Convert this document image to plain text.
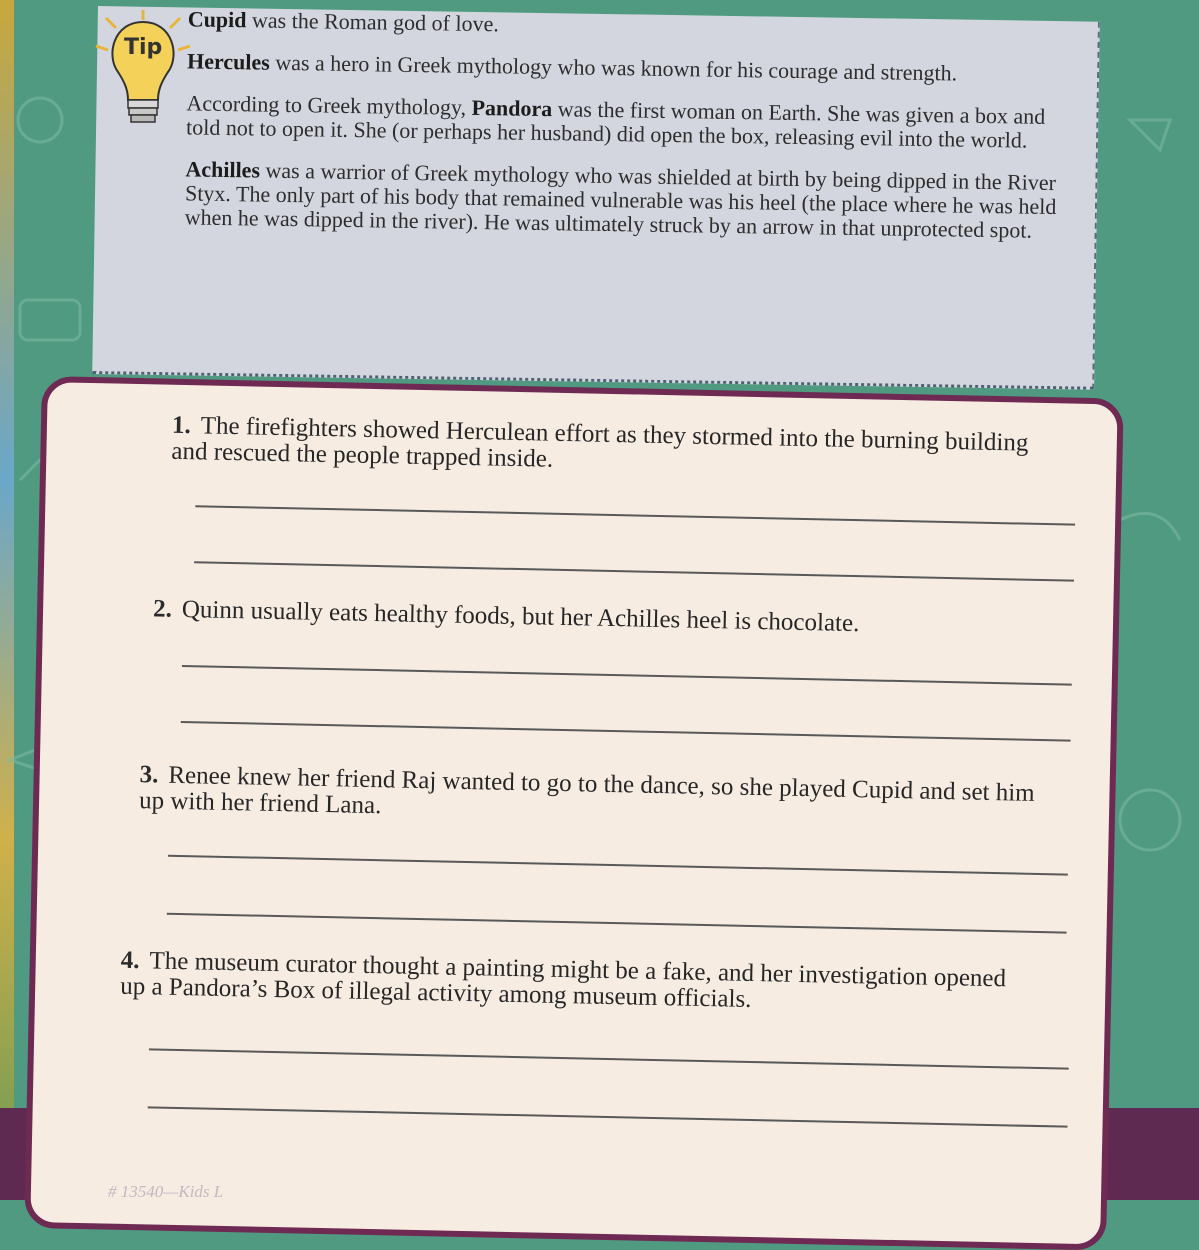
Cupid was the Roman god of love.

Hercules was a hero in Greek mythology who was known for his courage and strength.

According to Greek mythology, Pandora was the first woman on Earth. She was given a box and told not to open it. She (or perhaps her husband) did open the box, releasing evil into the world.

Achilles was a warrior of Greek mythology who was shielded at birth by being dipped in the River Styx. The only part of his body that remained vulnerable was his heel (the place where he was held when he was dipped in the river). He was ultimately struck by an arrow in that unprotected spot.

Tip
1. The firefighters showed Herculean effort as they stormed into the burning building and rescued the people trapped inside.
2. Quinn usually eats healthy foods, but her Achilles heel is chocolate.
3. Renee knew her friend Raj wanted to go to the dance, so she played Cupid and set him up with her friend Lana.
4. The museum curator thought a painting might be a fake, and her investigation opened up a Pandora’s Box of illegal activity among museum officials.
# 13540—Kids L
